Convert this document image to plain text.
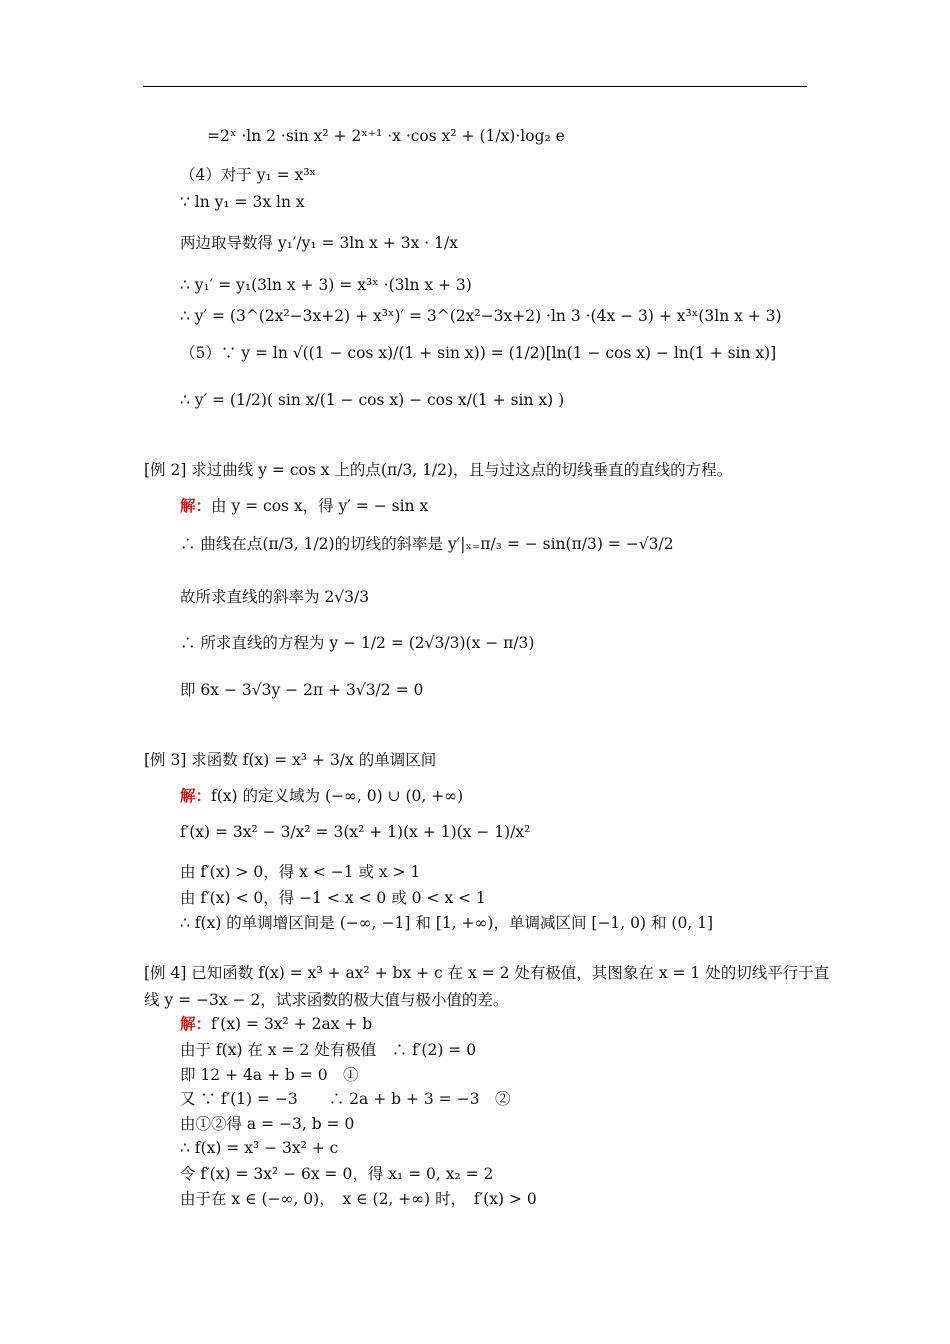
=2ˣ ·ln 2 ·sin x² + 2ˣ⁺¹ ·x ·cos x² + (1/x)·log₂ e
（4）对于 y₁ = x³ˣ
∵ ln y₁ = 3x ln x
两边取导数得 y₁′/y₁ = 3ln x + 3x · 1/x
∴ y₁′ = y₁(3ln x + 3) = x³ˣ ·(3ln x + 3)
∴ y′ = (3^(2x²−3x+2) + x³ˣ)′ = 3^(2x²−3x+2) ·ln 3 ·(4x − 3) + x³ˣ(3ln x + 3)
（5）∵ y = ln √((1 − cos x)/(1 + sin x)) = (1/2)[ln(1 − cos x) − ln(1 + sin x)]
∴ y′ = (1/2)( sin x/(1 − cos x) − cos x/(1 + sin x) )
[例 2] 求过曲线 y = cos x 上的点(π/3, 1/2)，且与过这点的切线垂直的直线的方程。
解：由 y = cos x，得 y′ = − sin x
∴ 曲线在点(π/3, 1/2)的切线的斜率是 y′|ₓ₌π/₃ = − sin(π/3) = −√3/2
故所求直线的斜率为 2√3/3
∴ 所求直线的方程为 y − 1/2 = (2√3/3)(x − π/3)
即 6x − 3√3y − 2π + 3√3/2 = 0
[例 3] 求函数 f(x) = x³ + 3/x 的单调区间
解：f(x) 的定义域为 (−∞, 0) ∪ (0, +∞)
f′(x) = 3x² − 3/x² = 3(x² + 1)(x + 1)(x − 1)/x²
由 f′(x) > 0，得 x < −1 或 x > 1
由 f′(x) < 0，得 −1 < x < 0 或 0 < x < 1
∴ f(x) 的单调增区间是 (−∞, −1] 和 [1, +∞)，单调减区间 [−1, 0) 和 (0, 1]
[例 4] 已知函数 f(x) = x³ + ax² + bx + c 在 x = 2 处有极值，其图象在 x = 1 处的切线平行于直
线 y = −3x − 2，试求函数的极大值与极小值的差。
解：f′(x) = 3x² + 2ax + b
由于 f(x) 在 x = 2 处有极值　∴ f′(2) = 0
即 12 + 4a + b = 0　①
又 ∵ f′(1) = −3　　∴ 2a + b + 3 = −3　②
由①②得 a = −3, b = 0
∴ f(x) = x³ − 3x² + c
令 f′(x) = 3x² − 6x = 0，得 x₁ = 0, x₂ = 2
由于在 x ∈ (−∞, 0)，　x ∈ (2, +∞) 时，　f′(x) > 0
